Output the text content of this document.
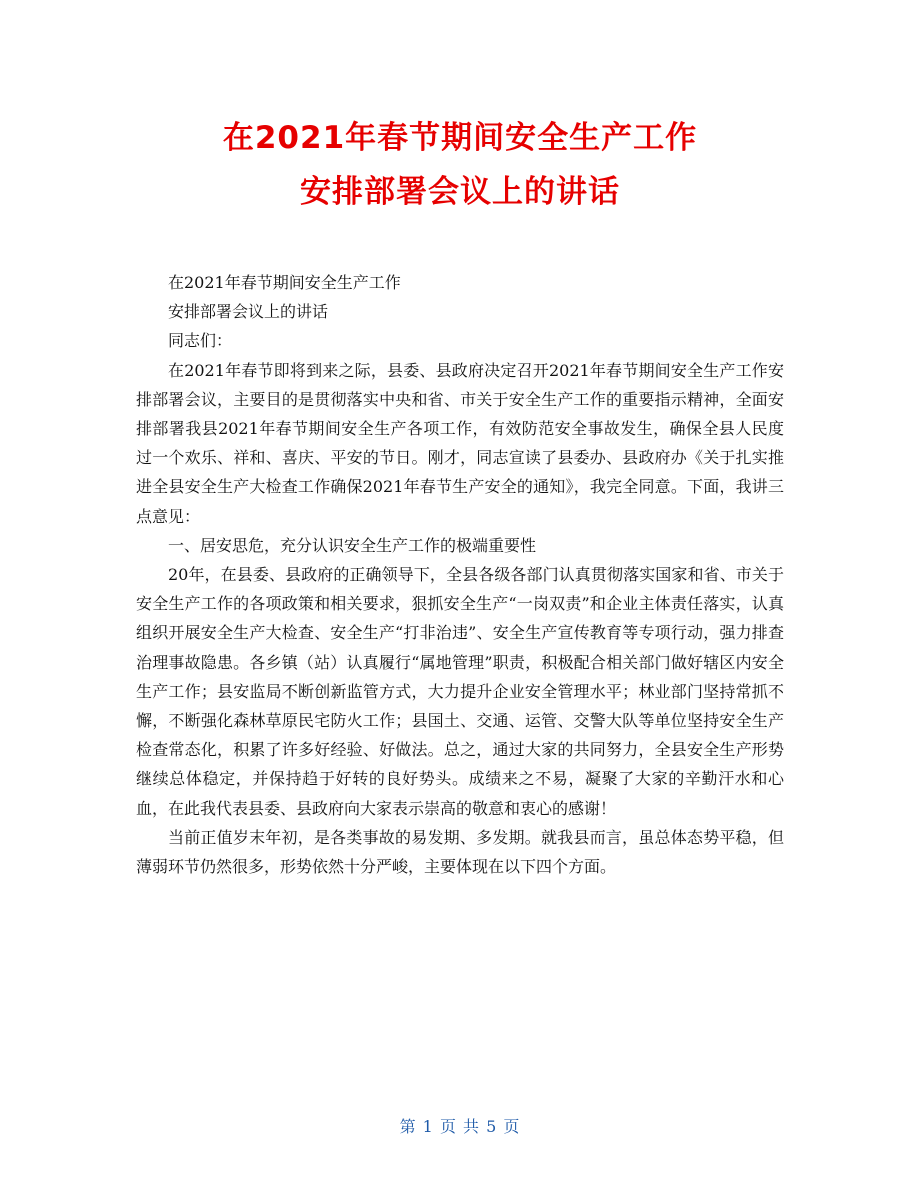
在2021年春节期间安全生产工作
安排部署会议上的讲话

在2021年春节期间安全生产工作

安排部署会议上的讲话

同志们：

在2021年春节即将到来之际，县委、县政府决定召开2021年春节期间安全生产工作安排部署会议，主要目的是贯彻落实中央和省、市关于安全生产工作的重要指示精神，全面安排部署我县2021年春节期间安全生产各项工作，有效防范安全事故发生，确保全县人民度过一个欢乐、祥和、喜庆、平安的节日。刚才，同志宣读了县委办、县政府办《关于扎实推进全县安全生产大检查工作确保2021年春节生产安全的通知》，我完全同意。下面，我讲三点意见：

一、居安思危，充分认识安全生产工作的极端重要性

20年，在县委、县政府的正确领导下，全县各级各部门认真贯彻落实国家和省、市关于安全生产工作的各项政策和相关要求，狠抓安全生产“一岗双责”和企业主体责任落实，认真组织开展安全生产大检查、安全生产“打非治违”、安全生产宣传教育等专项行动，强力排查治理事故隐患。各乡镇（站）认真履行“属地管理”职责，积极配合相关部门做好辖区内安全生产工作；县安监局不断创新监管方式，大力提升企业安全管理水平；林业部门坚持常抓不懈，不断强化森林草原民宅防火工作；县国土、交通、运管、交警大队等单位坚持安全生产检查常态化，积累了许多好经验、好做法。总之，通过大家的共同努力，全县安全生产形势继续总体稳定，并保持趋于好转的良好势头。成绩来之不易，凝聚了大家的辛勤汗水和心血，在此我代表县委、县政府向大家表示崇高的敬意和衷心的感谢！

当前正值岁末年初，是各类事故的易发期、多发期。就我县而言，虽总体态势平稳，但薄弱环节仍然很多，形势依然十分严峻，主要体现在以下四个方面。

第 1 页 共 5 页
